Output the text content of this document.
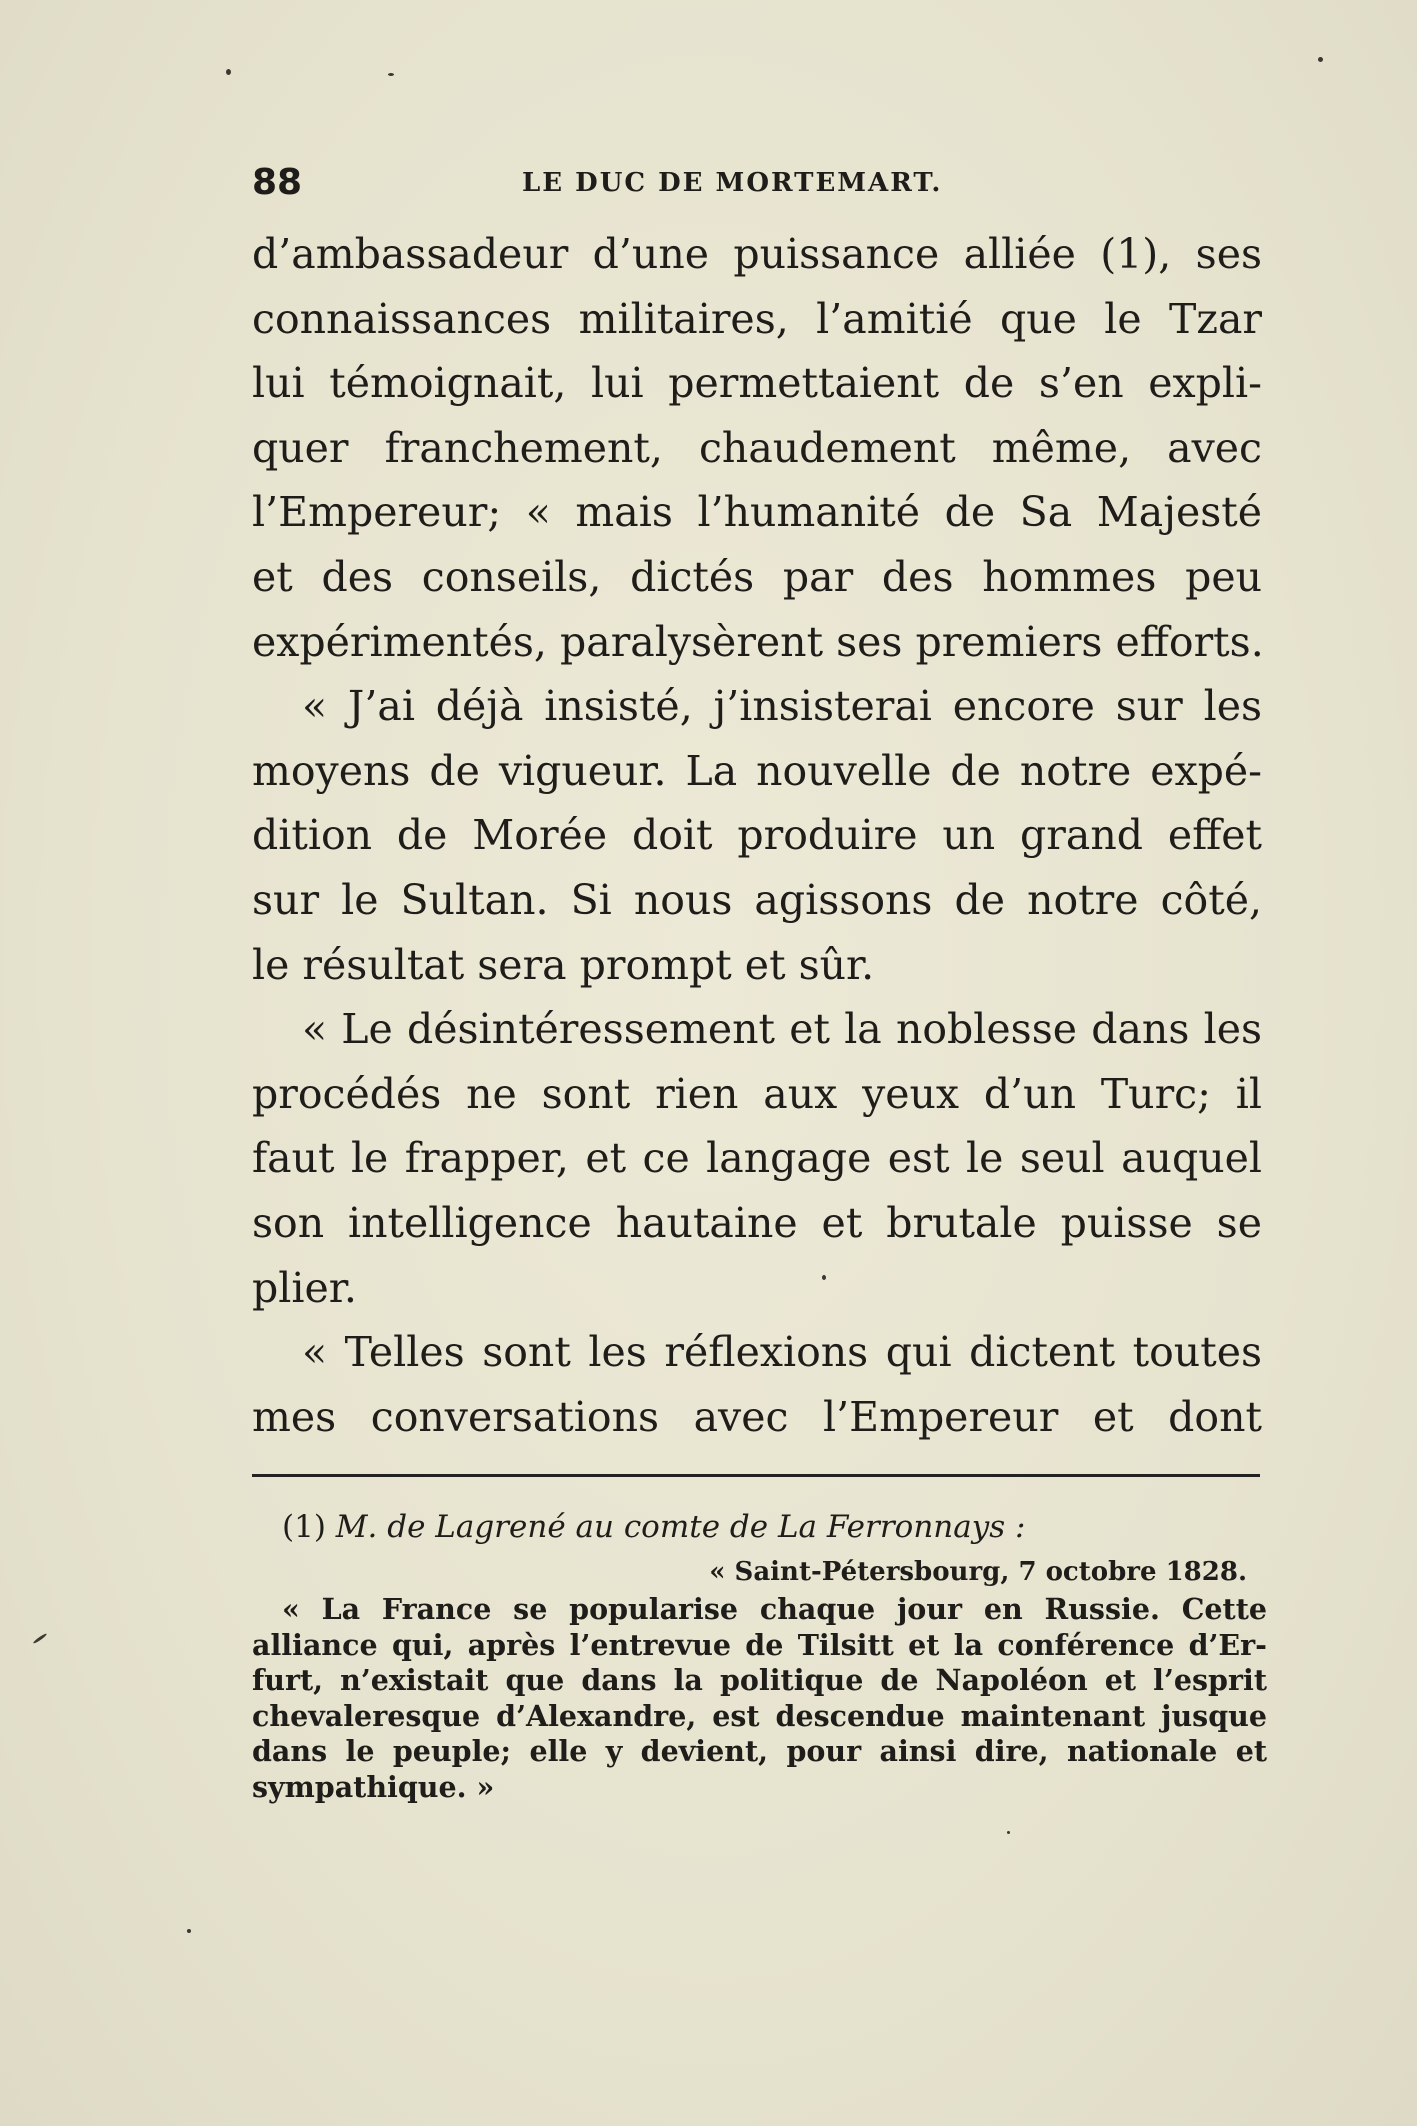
88	LE DUC DE MORTEMART.
d’ambassadeur d’une puissance alliée (1), ses
connaissances militaires, l’amitié que le Tzar
lui témoignait, lui permettaient de s’en expli-
quer franchement, chaudement même, avec
l’Empereur; « mais l’humanité de Sa Majesté
et des conseils, dictés par des hommes peu
expérimentés, paralysèrent ses premiers efforts.
« J’ai déjà insisté, j’insisterai encore sur les
moyens de vigueur. La nouvelle de notre expé-
dition de Morée doit produire un grand effet
sur le Sultan. Si nous agissons de notre côté,
le résultat sera prompt et sûr.
« Le désintéressement et la noblesse dans les
procédés ne sont rien aux yeux d’un Turc; il
faut le frapper, et ce langage est le seul auquel
son intelligence hautaine et brutale puisse se
plier.
« Telles sont les réflexions qui dictent toutes
mes conversations avec l’Empereur et dont
(1) M. de Lagrené au comte de La Ferronnays :
« Saint-Pétersbourg, 7 octobre 1828.
« La France se popularise chaque jour en Russie. Cette
alliance qui, après l’entrevue de Tilsitt et la conférence d’Er-
furt, n’existait que dans la politique de Napoléon et l’esprit
chevaleresque d’Alexandre, est descendue maintenant jusque
dans le peuple; elle y devient, pour ainsi dire, nationale et
sympathique. »
